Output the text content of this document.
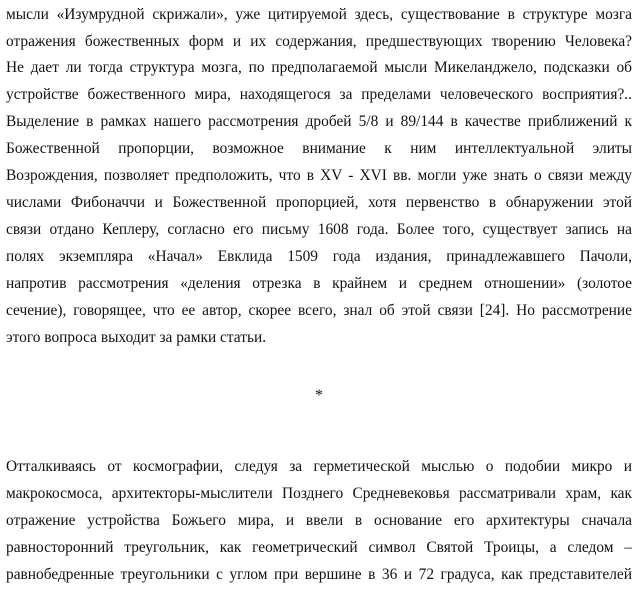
мысли «Изумрудной скрижали», уже цитируемой здесь, существование в структуре мозга
отражения божественных форм и их содержания, предшествующих творению Человека?
Не дает ли тогда структура мозга, по предполагаемой мысли Микеланджело, подсказки об
устройстве божественного мира, находящегося за пределами человеческого восприятия?..
Выделение в рамках нашего рассмотрения дробей 5/8 и 89/144 в качестве приближений к
Божественной пропорции, возможное внимание к ним интеллектуальной элиты
Возрождения, позволяет предположить, что в XV - XVI вв. могли уже знать о связи между
числами Фибоначчи и Божественной пропорцией, хотя первенство в обнаружении этой
связи отдано Кеплеру, согласно его письму 1608 года. Более того, существует запись на
полях экземпляра «Начал» Евклида 1509 года издания, принадлежавшего Пачоли,
напротив рассмотрения «деления отрезка в крайнем и среднем отношении» (золотое
сечение), говорящее, что ее автор, скорее всего, знал об этой связи [24]. Но рассмотрение
этого вопроса выходит за рамки статьи.
*
Отталкиваясь от космографии, следуя за герметической мыслью о подобии микро и
макрокосмоса, архитекторы-мыслители Позднего Средневековья рассматривали храм, как
отражение устройства Божьего мира, и ввели в основание его архитектуры сначала
равносторонний треугольник, как геометрический символ Святой Троицы, а следом –
равнобедренные треугольники с углом при вершине в 36 и 72 градуса, как представителей
